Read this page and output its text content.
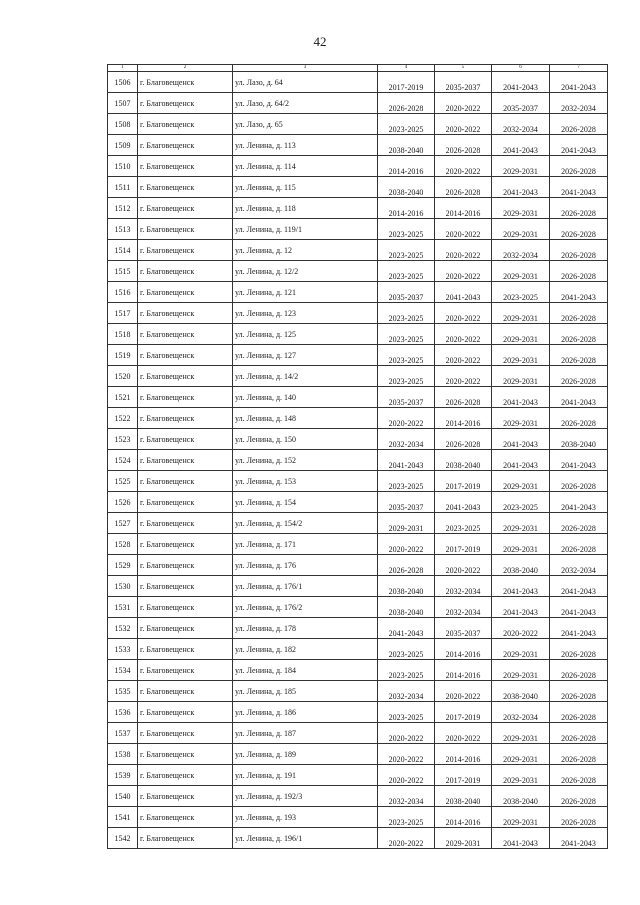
42
1	2	3	4	5	6	7
1506	г. Благовещенск	ул. Лазо, д. 64	2017-2019	2035-2037	2041-2043	2041-2043
1507	г. Благовещенск	ул. Лазо, д. 64/2	2026-2028	2020-2022	2035-2037	2032-2034
1508	г. Благовещенск	ул. Лазо, д. 65	2023-2025	2020-2022	2032-2034	2026-2028
1509	г. Благовещенск	ул. Ленина, д. 113	2038-2040	2026-2028	2041-2043	2041-2043
1510	г. Благовещенск	ул. Ленина, д. 114	2014-2016	2020-2022	2029-2031	2026-2028
1511	г. Благовещенск	ул. Ленина, д. 115	2038-2040	2026-2028	2041-2043	2041-2043
1512	г. Благовещенск	ул. Ленина, д. 118	2014-2016	2014-2016	2029-2031	2026-2028
1513	г. Благовещенск	ул. Ленина, д. 119/1	2023-2025	2020-2022	2029-2031	2026-2028
1514	г. Благовещенск	ул. Ленина, д. 12	2023-2025	2020-2022	2032-2034	2026-2028
1515	г. Благовещенск	ул. Ленина, д. 12/2	2023-2025	2020-2022	2029-2031	2026-2028
1516	г. Благовещенск	ул. Ленина, д. 121	2035-2037	2041-2043	2023-2025	2041-2043
1517	г. Благовещенск	ул. Ленина, д. 123	2023-2025	2020-2022	2029-2031	2026-2028
1518	г. Благовещенск	ул. Ленина, д. 125	2023-2025	2020-2022	2029-2031	2026-2028
1519	г. Благовещенск	ул. Ленина, д. 127	2023-2025	2020-2022	2029-2031	2026-2028
1520	г. Благовещенск	ул. Ленина, д. 14/2	2023-2025	2020-2022	2029-2031	2026-2028
1521	г. Благовещенск	ул. Ленина, д. 140	2035-2037	2026-2028	2041-2043	2041-2043
1522	г. Благовещенск	ул. Ленина, д. 148	2020-2022	2014-2016	2029-2031	2026-2028
1523	г. Благовещенск	ул. Ленина, д. 150	2032-2034	2026-2028	2041-2043	2038-2040
1524	г. Благовещенск	ул. Ленина, д. 152	2041-2043	2038-2040	2041-2043	2041-2043
1525	г. Благовещенск	ул. Ленина, д. 153	2023-2025	2017-2019	2029-2031	2026-2028
1526	г. Благовещенск	ул. Ленина, д. 154	2035-2037	2041-2043	2023-2025	2041-2043
1527	г. Благовещенск	ул. Ленина, д. 154/2	2029-2031	2023-2025	2029-2031	2026-2028
1528	г. Благовещенск	ул. Ленина, д. 171	2020-2022	2017-2019	2029-2031	2026-2028
1529	г. Благовещенск	ул. Ленина, д. 176	2026-2028	2020-2022	2038-2040	2032-2034
1530	г. Благовещенск	ул. Ленина, д. 176/1	2038-2040	2032-2034	2041-2043	2041-2043
1531	г. Благовещенск	ул. Ленина, д. 176/2	2038-2040	2032-2034	2041-2043	2041-2043
1532	г. Благовещенск	ул. Ленина, д. 178	2041-2043	2035-2037	2020-2022	2041-2043
1533	г. Благовещенск	ул. Ленина, д. 182	2023-2025	2014-2016	2029-2031	2026-2028
1534	г. Благовещенск	ул. Ленина, д. 184	2023-2025	2014-2016	2029-2031	2026-2028
1535	г. Благовещенск	ул. Ленина, д. 185	2032-2034	2020-2022	2038-2040	2026-2028
1536	г. Благовещенск	ул. Ленина, д. 186	2023-2025	2017-2019	2032-2034	2026-2028
1537	г. Благовещенск	ул. Ленина, д. 187	2020-2022	2020-2022	2029-2031	2026-2028
1538	г. Благовещенск	ул. Ленина, д. 189	2020-2022	2014-2016	2029-2031	2026-2028
1539	г. Благовещенск	ул. Ленина, д. 191	2020-2022	2017-2019	2029-2031	2026-2028
1540	г. Благовещенск	ул. Ленина, д. 192/3	2032-2034	2038-2040	2038-2040	2026-2028
1541	г. Благовещенск	ул. Ленина, д. 193	2023-2025	2014-2016	2029-2031	2026-2028
1542	г. Благовещенск	ул. Ленина, д. 196/1	2020-2022	2029-2031	2041-2043	2041-2043
